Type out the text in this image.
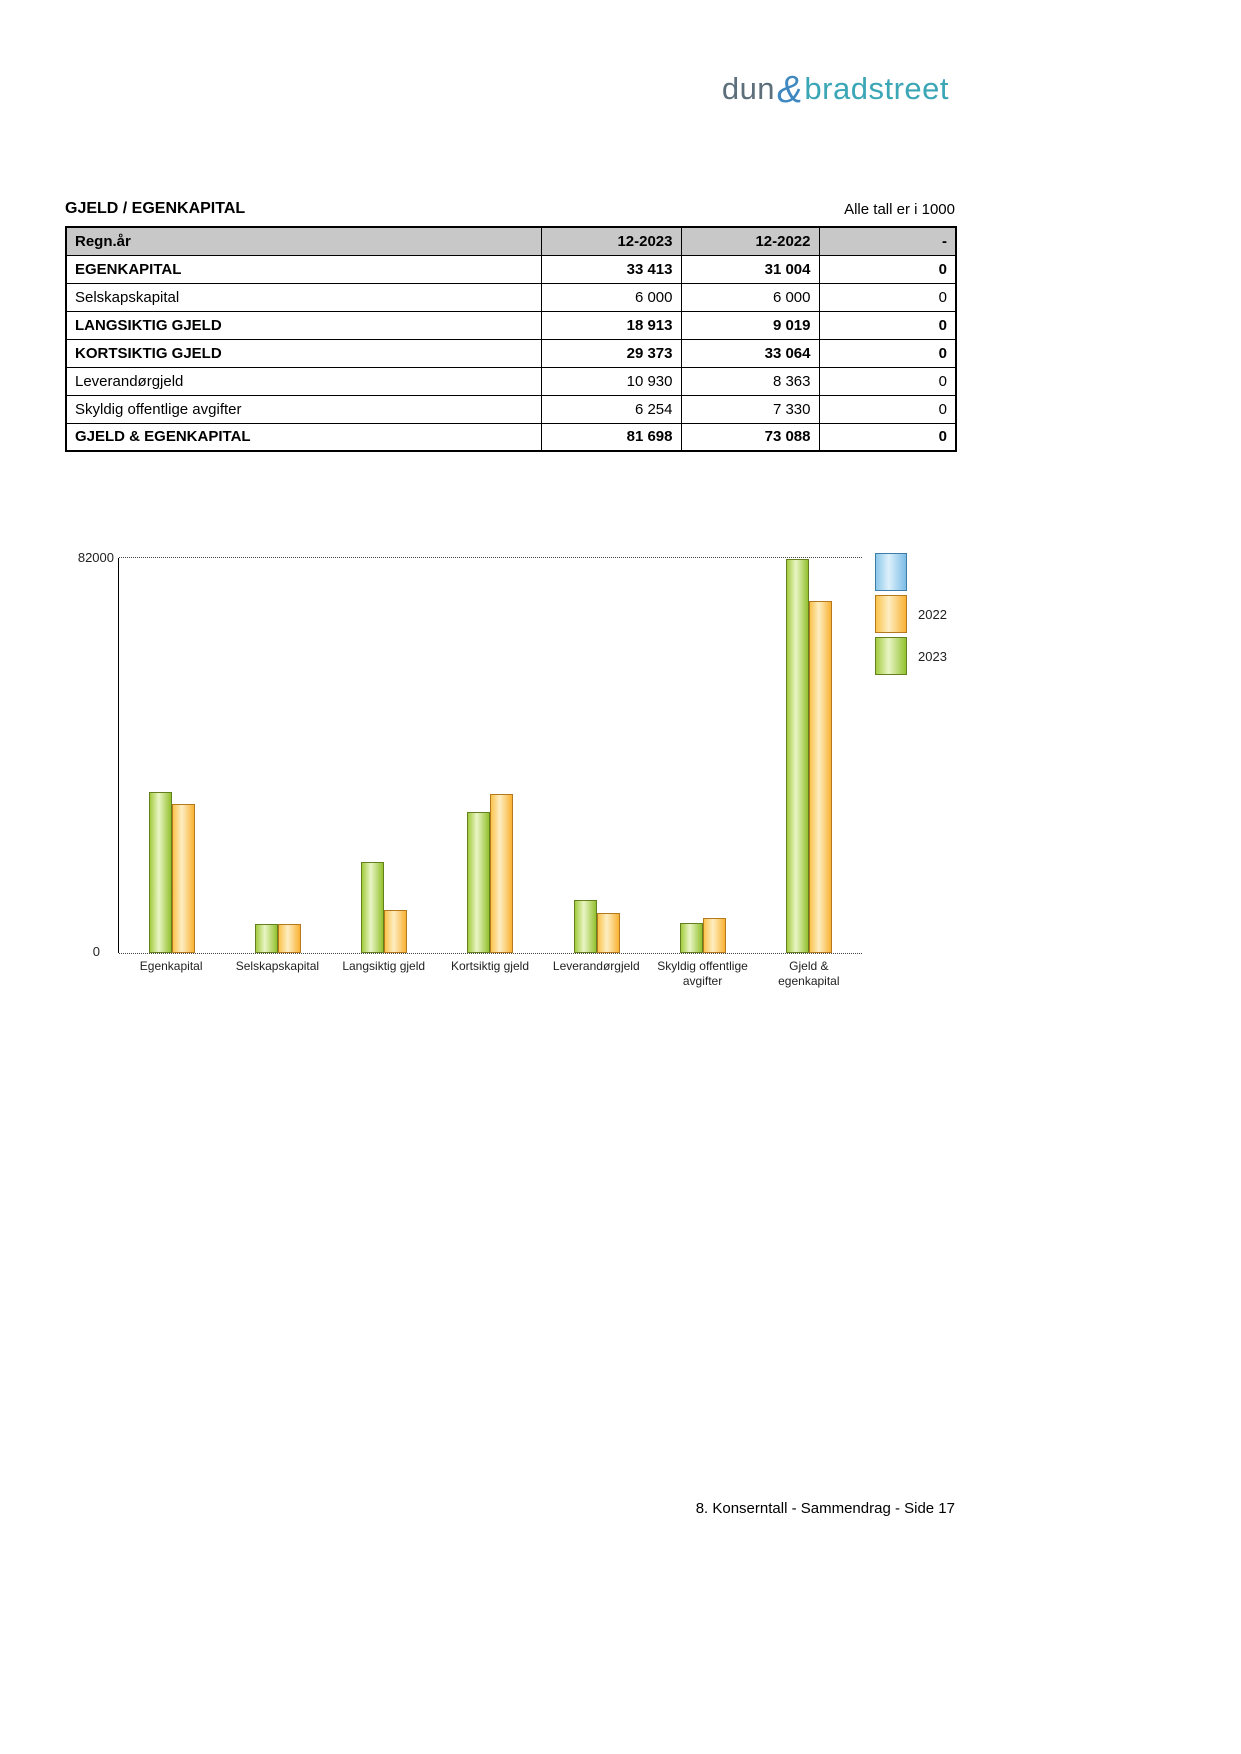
dun&bradstreet
GJELD / EGENKAPITAL	Alle tall er i 1000
Regn.år	12-2023	12-2022	-
EGENKAPITAL	33 413	31 004	0
Selskapskapital	6 000	6 000	0
LANGSIKTIG GJELD	18 913	9 019	0
KORTSIKTIG GJELD	29 373	33 064	0
Leverandørgjeld	10 930	8 363	0
Skyldig offentlige avgifter	6 254	7 330	0
GJELD & EGENKAPITAL	81 698	73 088	0
82000
0
Egenkapital	Selskapskapital	Langsiktig gjeld	Kortsiktig gjeld	Leverandørgjeld	Skyldig offentlige avgifter
Gjeld & egenkapital
2022
2023
8. Konserntall - Sammendrag - Side 17
